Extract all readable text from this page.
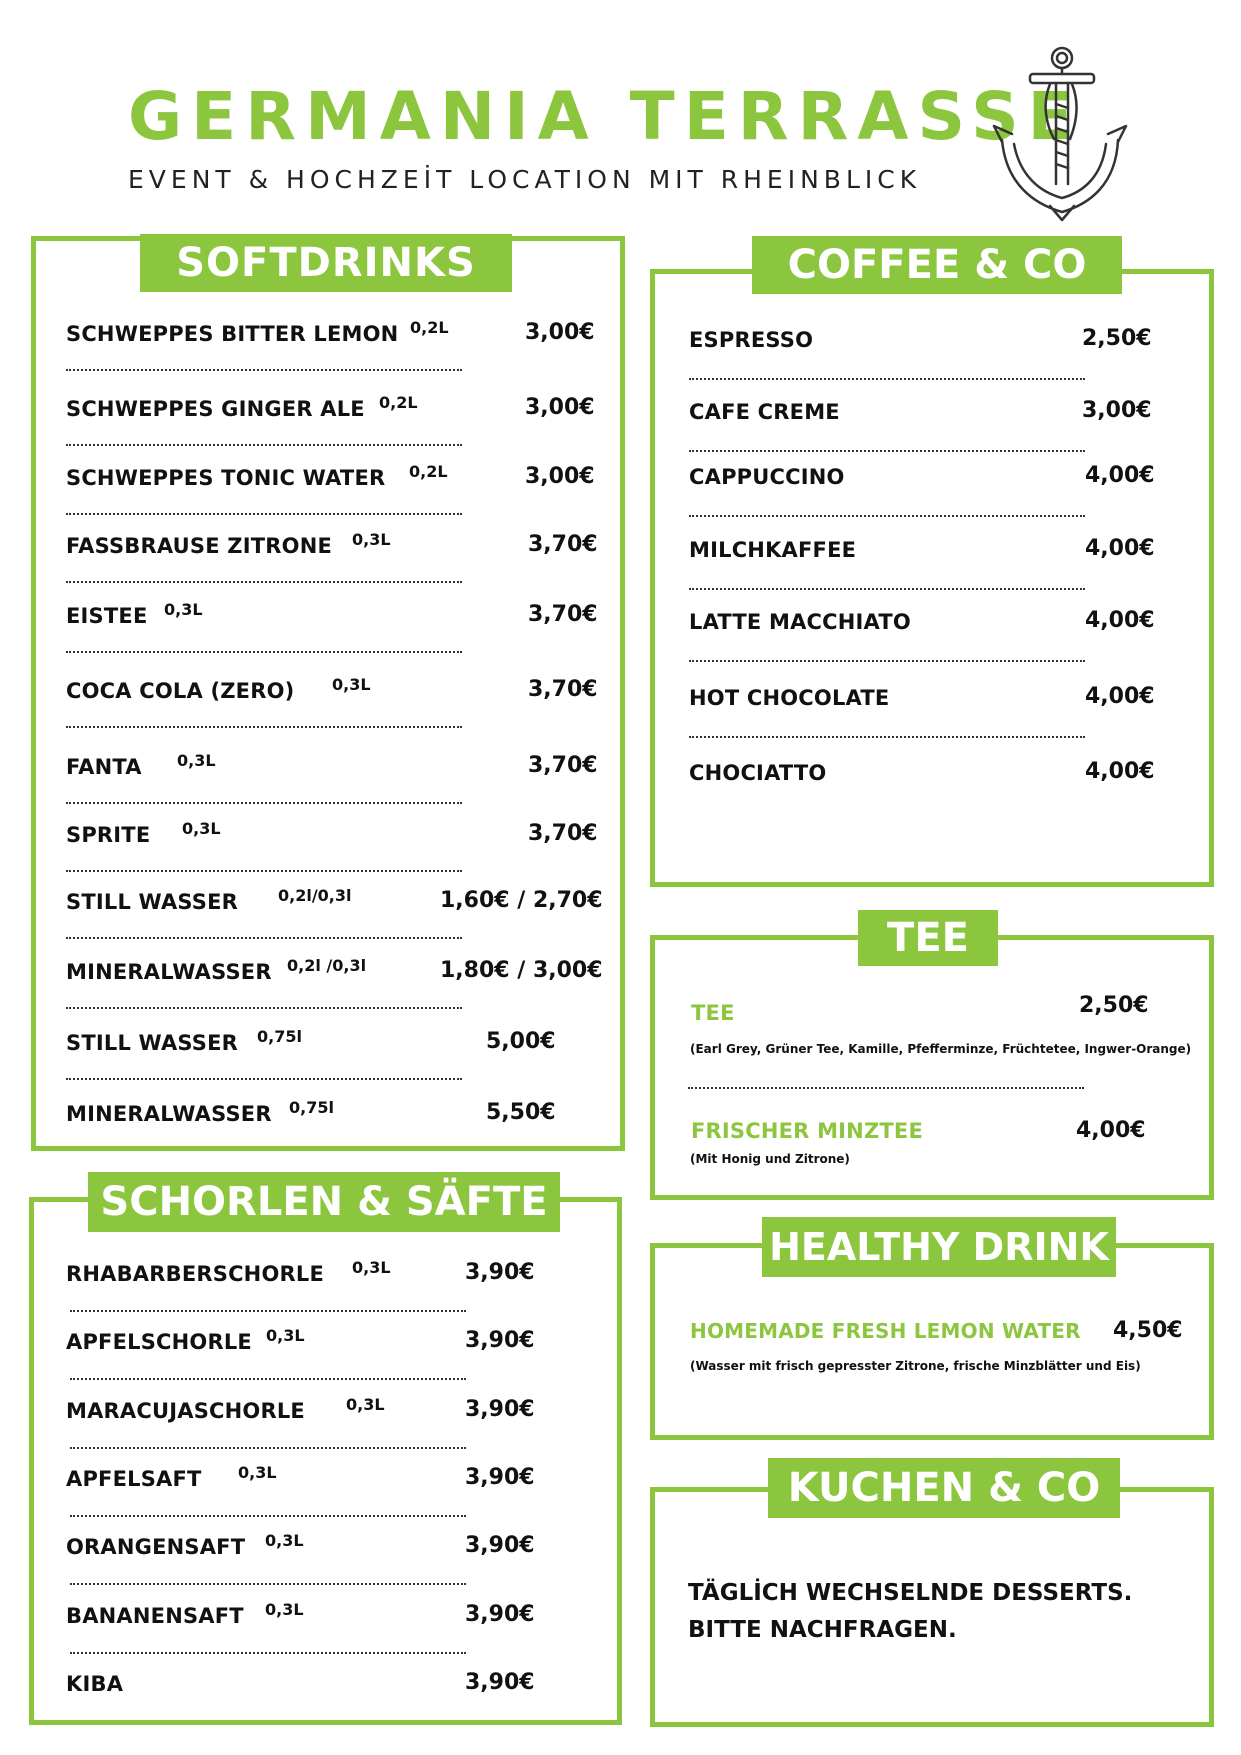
GERMANIA TERRASSE
EVENT & HOCHZEİT LOCATION MIT RHEINBLICK
SOFTDRINKS
SCHWEPPES BITTER LEMON 0,2L	3,00€
SCHWEPPES GINGER ALE 0,2L	3,00€
SCHWEPPES TONIC WATER 0,2L	3,00€
FASSBRAUSE ZITRONE 0,3L	3,70€
EISTEE 0,3L	3,70€
COCA COLA (ZERO) 0,3L	3,70€
FANTA 0,3L	3,70€
SPRITE 0,3L	3,70€
STILL WASSER 0,2l/0,3l	1,60€ / 2,70€
MINERALWASSER 0,2l /0,3l	1,80€ / 3,00€
STILL WASSER 0,75l	5,00€
MINERALWASSER 0,75l	5,50€
SCHORLEN & SÄFTE
RHABARBERSCHORLE 0,3L	3,90€
APFELSCHORLE 0,3L	3,90€
MARACUJASCHORLE	0,3L	3,90€
APFELSAFT 0,3L	3,90€
ORANGENSAFT 0,3L	3,90€
BANANENSAFT 0,3L	3,90€
KIBA	3,90€
COFFEE & CO
ESPRESSO	2,50€
CAFE CREME	3,00€
CAPPUCCINO	4,00€
MILCHKAFFEE	4,00€
LATTE MACCHIATO	4,00€
HOT CHOCOLATE	4,00€
CHOCIATTO	4,00€
TEE
TEE	2,50€
(Earl Grey, Grüner Tee, Kamille, Pfefferminze, Früchtetee, Ingwer-Orange)
FRISCHER MINZTEE	4,00€
(Mit Honig und Zitrone)
HEALTHY DRINK
HOMEMADE FRESH LEMON WATER 4,50€
(Wasser mit frisch gepresster Zitrone, frische Minzblätter und Eis)
KUCHEN & CO
TÄGLİCH WECHSELNDE DESSERTS. BITTE NACHFRAGEN.
